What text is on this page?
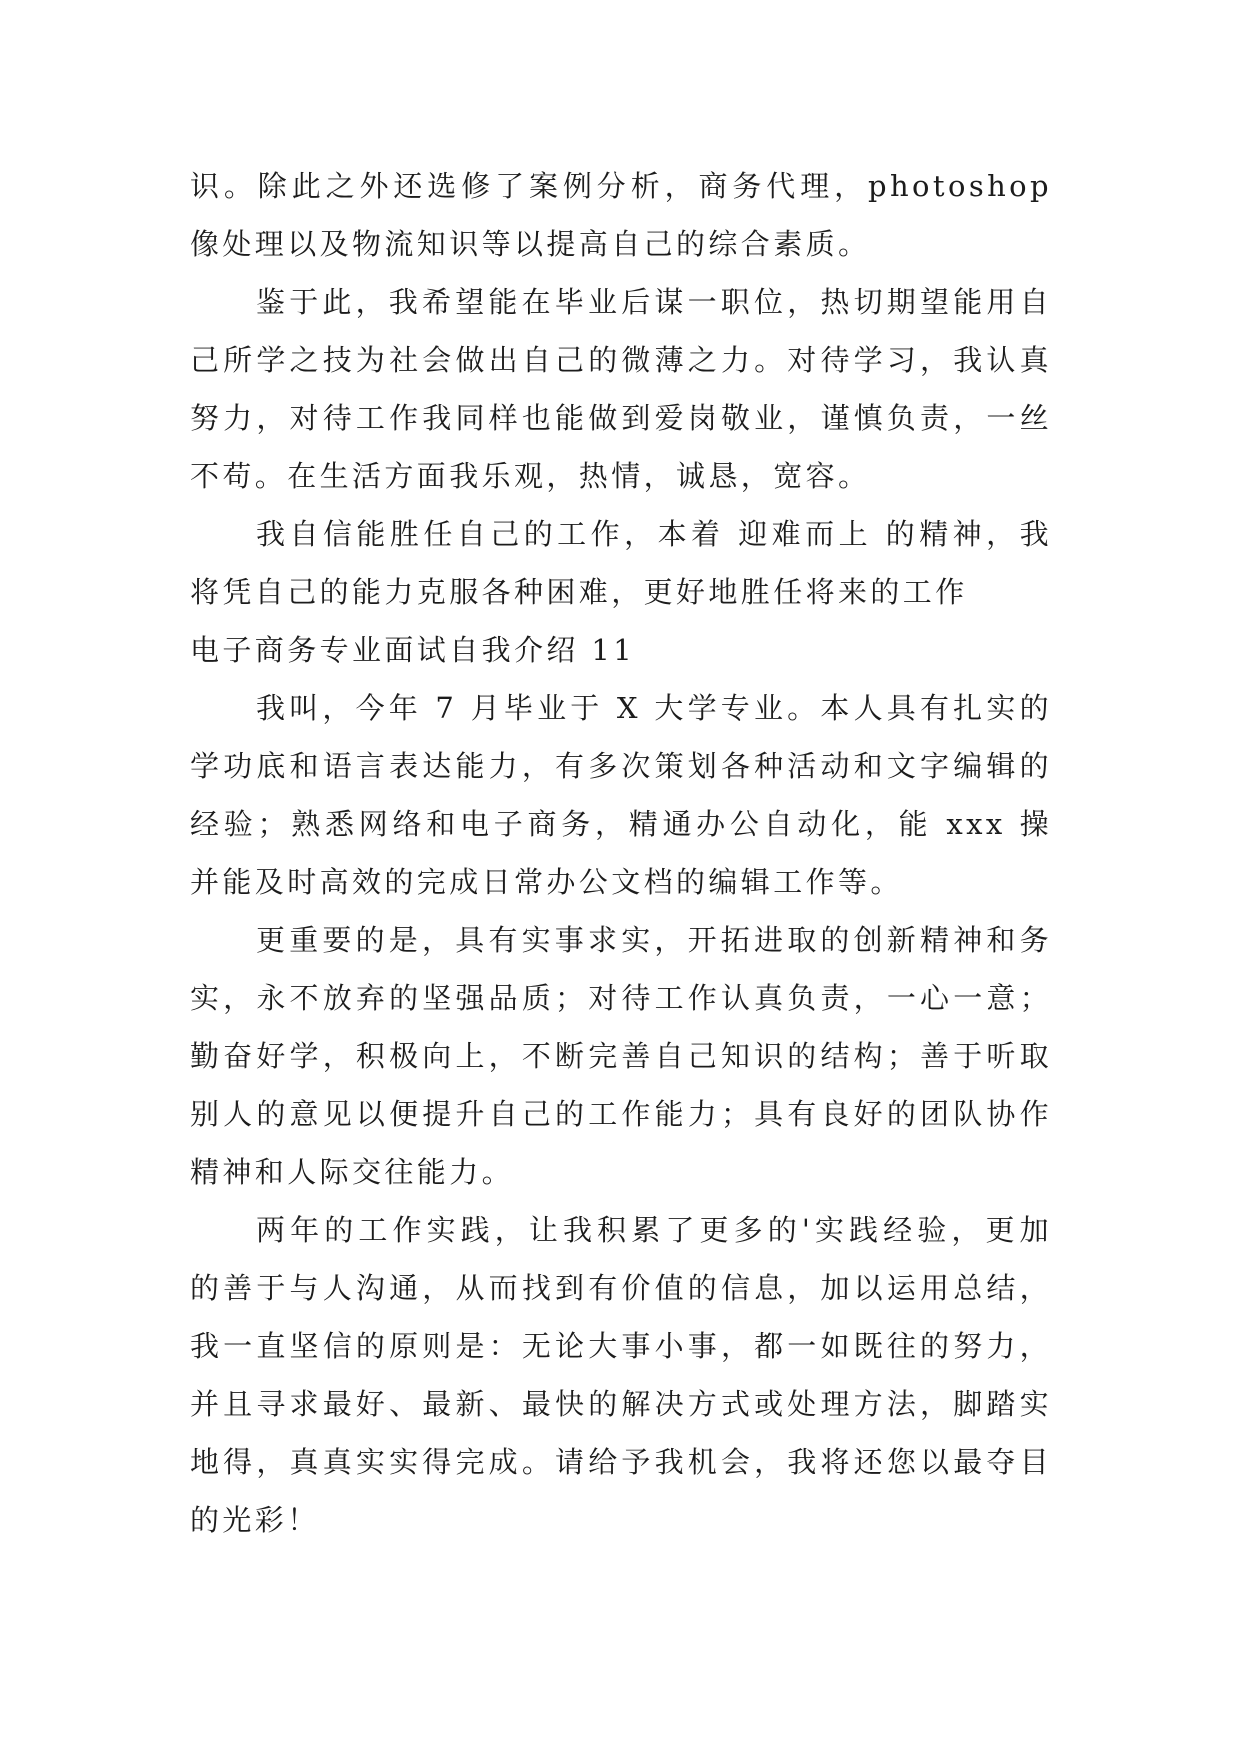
识。除此之外还选修了案例分析，商务代理，photoshop
像处理以及物流知识等以提高自己的综合素质。
鉴于此，我希望能在毕业后谋一职位，热切期望能用自
己所学之技为社会做出自己的微薄之力。对待学习，我认真
努力，对待工作我同样也能做到爱岗敬业，谨慎负责，一丝
不苟。在生活方面我乐观，热情，诚恳，宽容。
我自信能胜任自己的工作，本着 迎难而上 的精神，我
将凭自己的能力克服各种困难，更好地胜任将来的工作
电子商务专业面试自我介绍 11
我叫，今年 7 月毕业于 X 大学专业。本人具有扎实的
学功底和语言表达能力，有多次策划各种活动和文字编辑的
经验；熟悉网络和电子商务，精通办公自动化，能 xxx 操
并能及时高效的完成日常办公文档的编辑工作等。
更重要的是，具有实事求实，开拓进取的创新精神和务
实，永不放弃的坚强品质；对待工作认真负责，一心一意；
勤奋好学，积极向上，不断完善自己知识的结构；善于听取
别人的意见以便提升自己的工作能力；具有良好的团队协作
精神和人际交往能力。
两年的工作实践，让我积累了更多的'实践经验，更加
的善于与人沟通，从而找到有价值的信息，加以运用总结，
我一直坚信的原则是：无论大事小事，都一如既往的努力，
并且寻求最好、最新、最快的解决方式或处理方法，脚踏实
地得，真真实实得完成。请给予我机会，我将还您以最夺目
的光彩！
